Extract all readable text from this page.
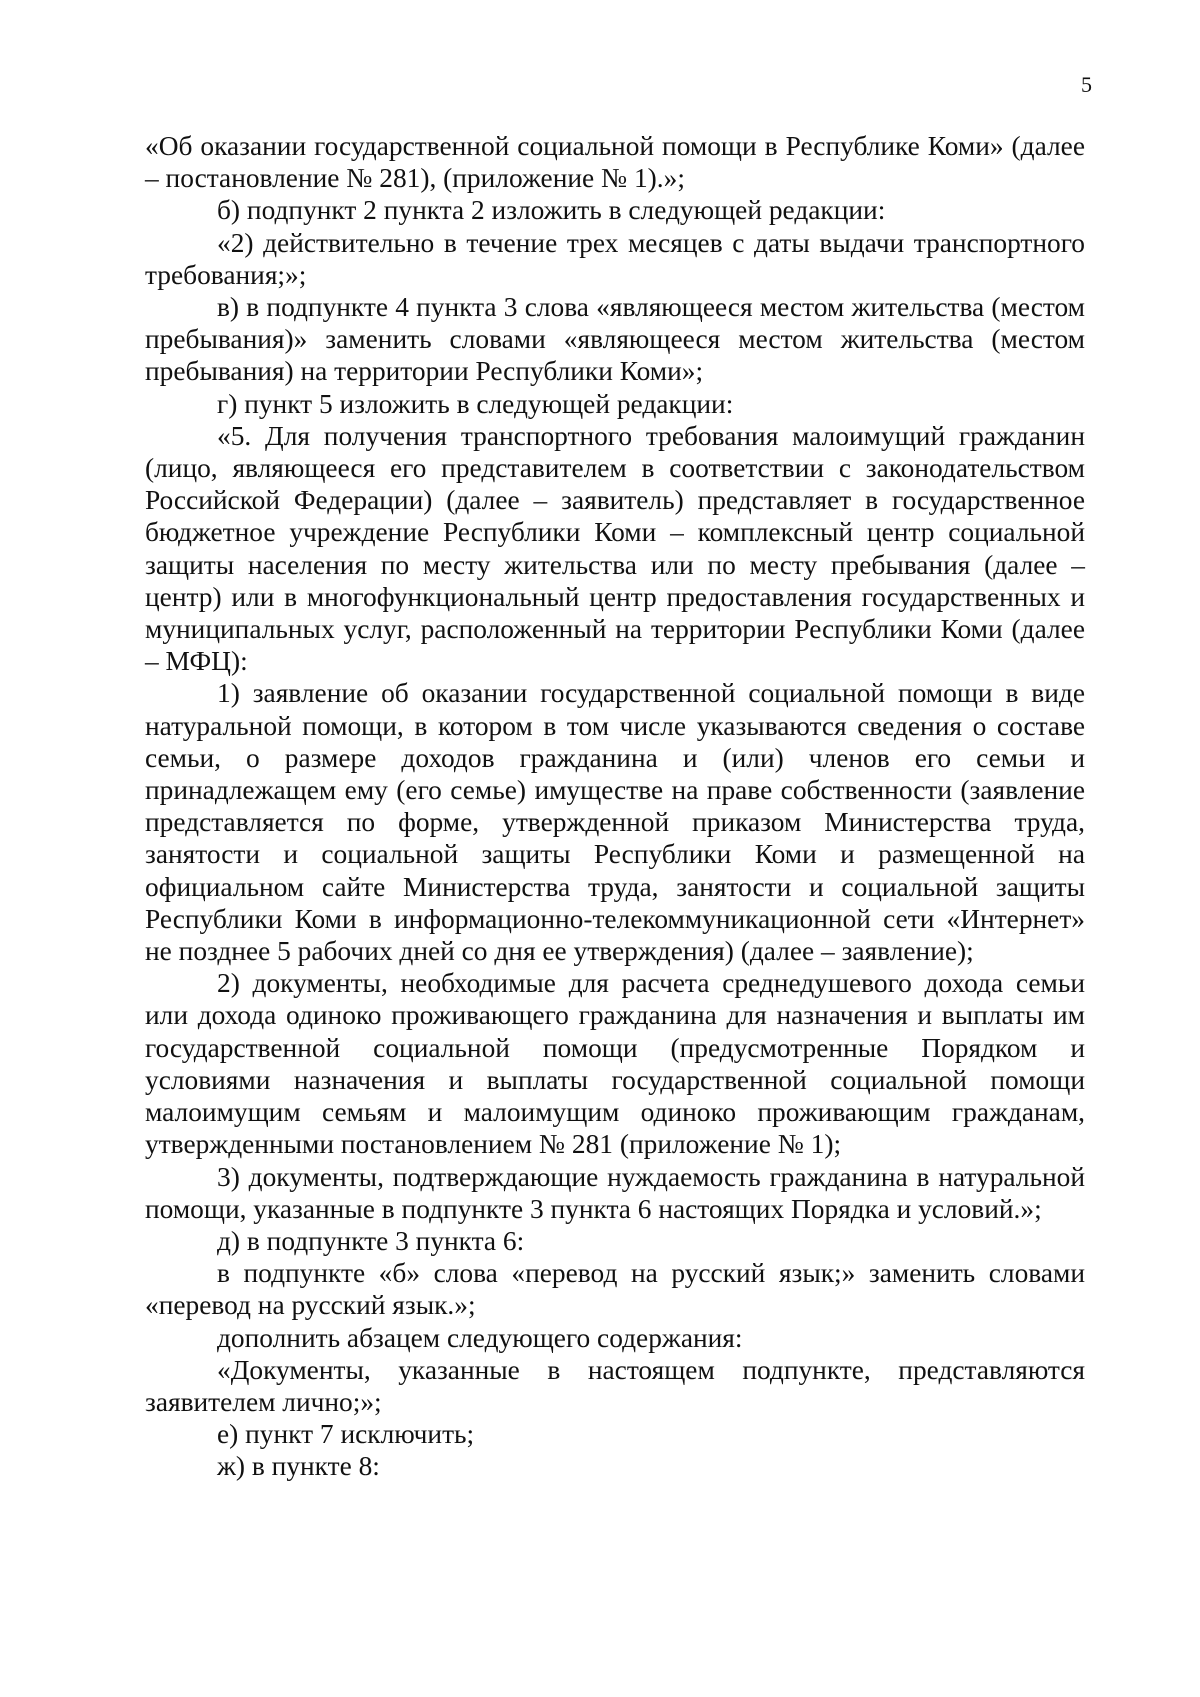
5

«Об оказании государственной социальной помощи в Республике Коми» (далее – постановление № 281), (приложение № 1).»;

б) подпункт 2 пункта 2 изложить в следующей редакции:

«2) действительно в течение трех месяцев с даты выдачи транспортного требования;»;

в) в подпункте 4 пункта 3 слова «являющееся местом жительства (местом пребывания)» заменить словами «являющееся местом жительства (местом пребывания) на территории Республики Коми»;

г) пункт 5 изложить в следующей редакции:

«5. Для получения транспортного требования малоимущий гражданин (лицо, являющееся его представителем в соответствии с законодательством Российской Федерации) (далее – заявитель) представляет в государственное бюджетное учреждение Республики Коми – комплексный центр социальной защиты населения по месту жительства или по месту пребывания (далее – центр) или в многофункциональный центр предоставления государственных и муниципальных услуг, расположенный на территории Республики Коми (далее – МФЦ):

1) заявление об оказании государственной социальной помощи в виде натуральной помощи, в котором в том числе указываются сведения о составе семьи, о размере доходов гражданина и (или) членов его семьи и принадлежащем ему (его семье) имуществе на праве собственности (заявление представляется по форме, утвержденной приказом Министерства труда, занятости и социальной защиты Республики Коми и размещенной на официальном сайте Министерства труда, занятости и социальной защиты Республики Коми в информационно-телекоммуникационной сети «Интернет» не позднее 5 рабочих дней со дня ее утверждения) (далее – заявление);

2) документы, необходимые для расчета среднедушевого дохода семьи или дохода одиноко проживающего гражданина для назначения и выплаты им государственной социальной помощи (предусмотренные Порядком и условиями назначения и выплаты государственной социальной помощи малоимущим семьям и малоимущим одиноко проживающим гражданам, утвержденными постановлением № 281 (приложение № 1);

3) документы, подтверждающие нуждаемость гражданина в натуральной помощи, указанные в подпункте 3 пункта 6 настоящих Порядка и условий.»;

д) в подпункте 3 пункта 6:

в подпункте «б» слова «перевод на русский язык;» заменить словами «перевод на русский язык.»;

дополнить абзацем следующего содержания:

«Документы, указанные в настоящем подпункте, представляются заявителем лично;»;

е) пункт 7 исключить;

ж) в пункте 8:
